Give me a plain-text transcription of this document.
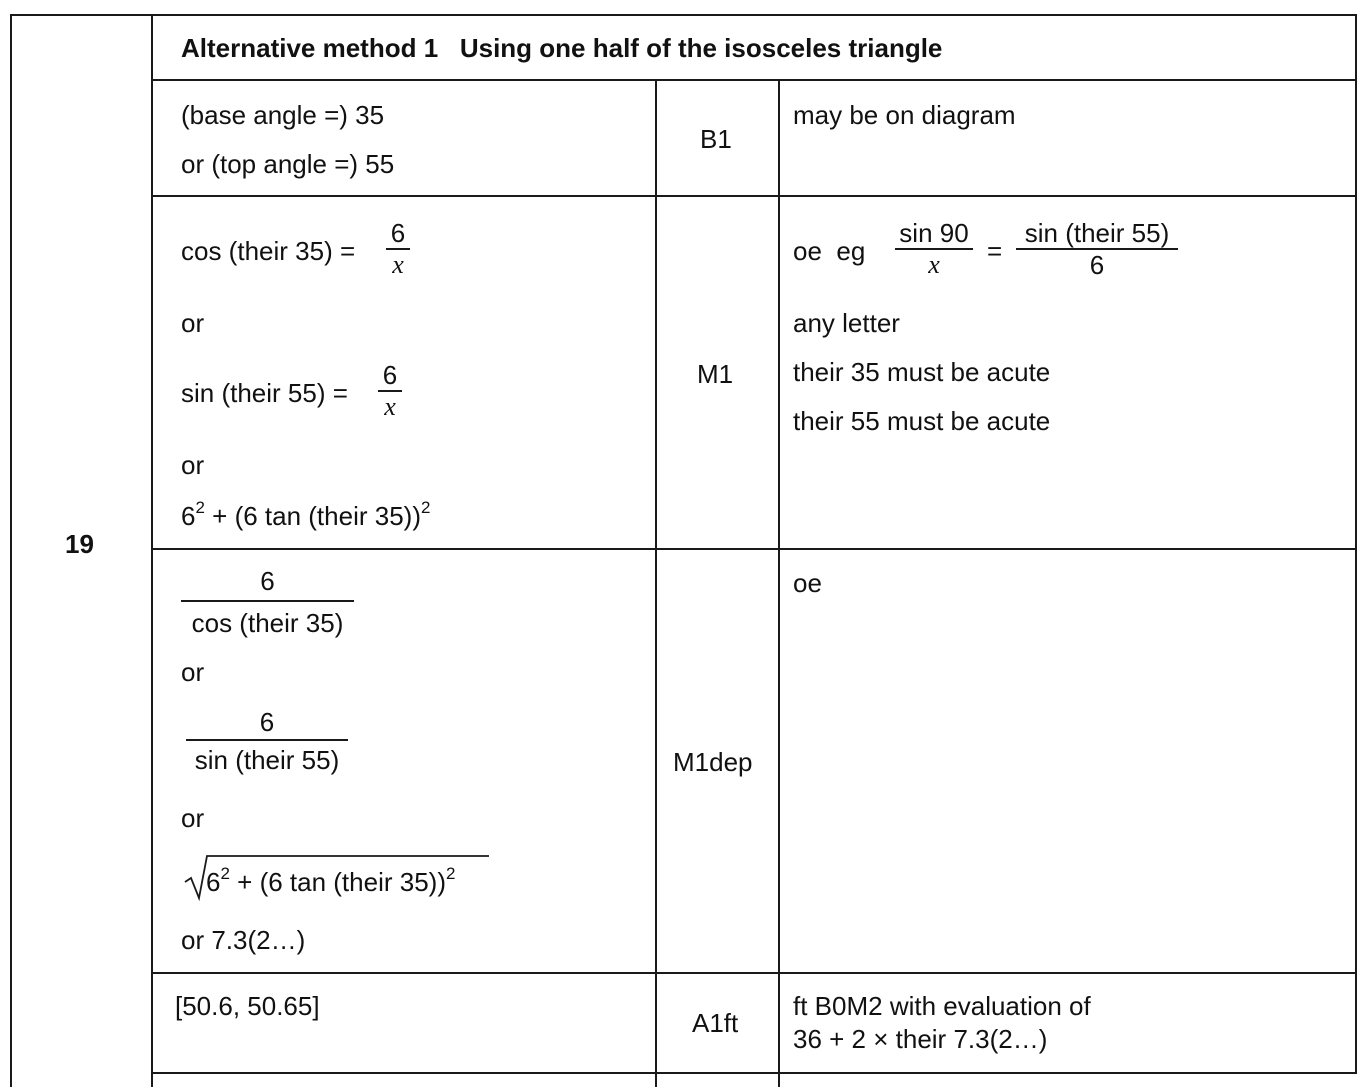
19
Alternative method 1   Using one half of the isosceles triangle
(base angle =) 35
or (top angle =) 55
B1
may be on diagram
cos (their 35) =
6
x
or
sin (their 55) =
6
x
or
$6^2 + (6$ tan (their 35))$^2$
M1
oe  eg
sin 90
x	=
sin (their 55)
6
any letter
their 35 must be acute
their 55 must be acute
6
cos (their 35)
or
6
sin (their 55)
or
$6^2 + (6$ tan (their 35))$^2$
or 7.3(2…)
M1dep
oe
[50.6, 50.65]
A1ft
ft B0M2 with evaluation of
36 + 2 × their 7.3(2…)
